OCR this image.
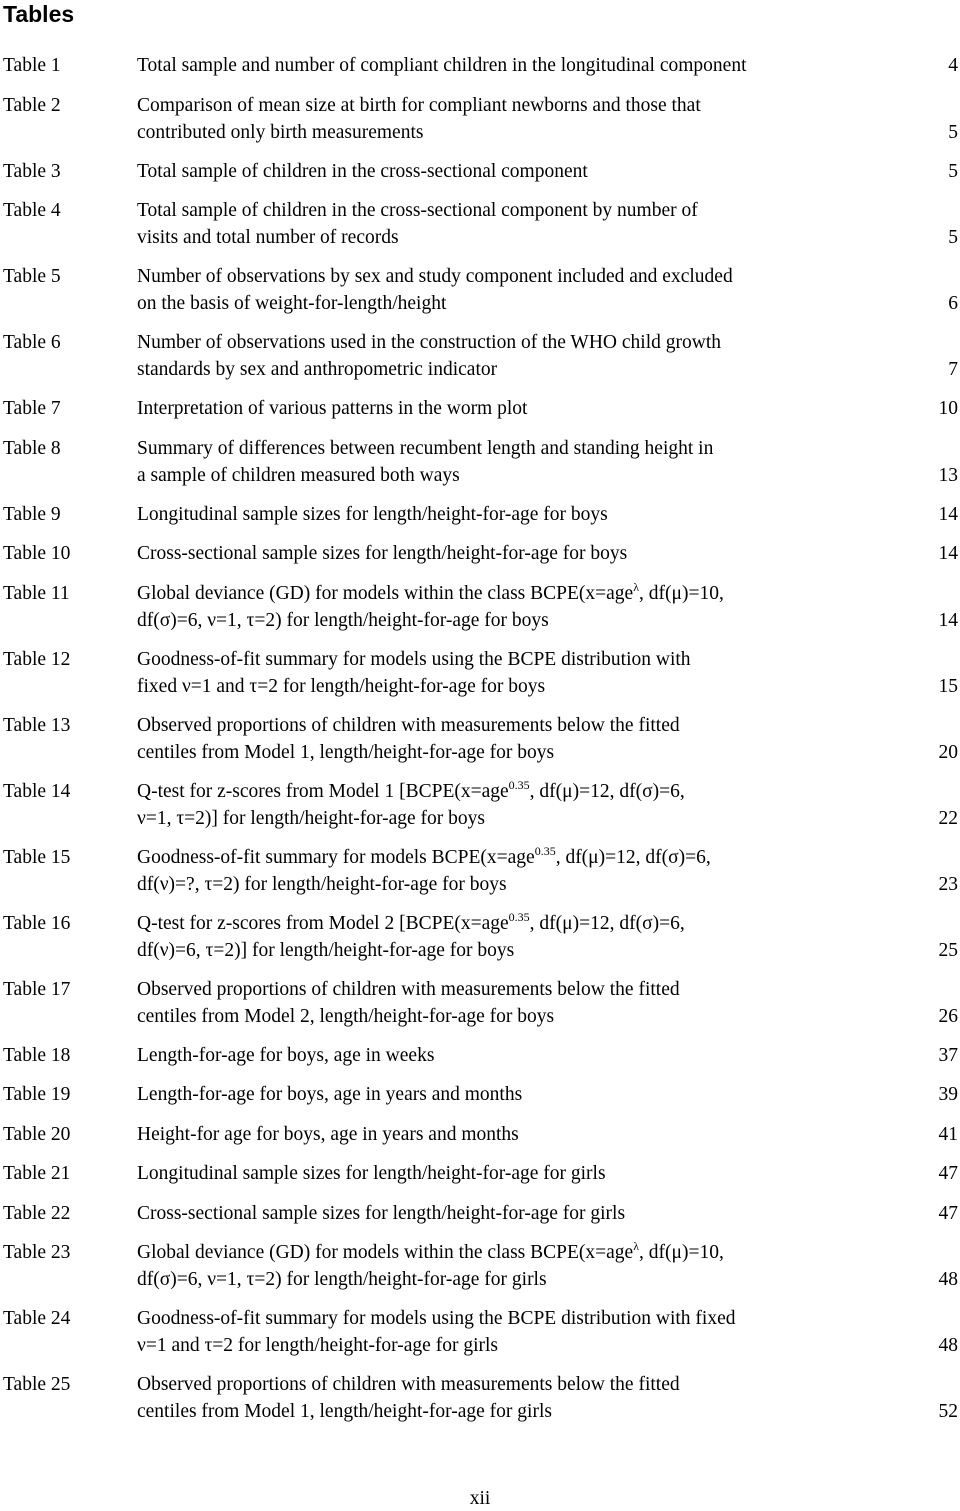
Tables
Table 1	Total sample and number of compliant children in the longitudinal component	4
Table 2	Comparison of mean size at birth for compliant newborns and those that
contributed only birth measurements	5
Table 3	Total sample of children in the cross-sectional component	5
Table 4	Total sample of children in the cross-sectional component by number of
visits and total number of records	5
Table 5	Number of observations by sex and study component included and excluded
on the basis of weight-for-length/height	6
Table 6	Number of observations used in the construction of the WHO child growth
standards by sex and anthropometric indicator	7
Table 7	Interpretation of various patterns in the worm plot	10
Table 8	Summary of differences between recumbent length and standing height in
a sample of children measured both ways	13
Table 9	Longitudinal sample sizes for length/height-for-age for boys	14
Table 10	Cross-sectional sample sizes for length/height-for-age for boys	14
Table 11	Global deviance (GD) for models within the class BCPE(x=age$^\lambda$, df(μ)=10,
df(σ)=6, ν=1, τ=2) for length/height-for-age for boys	14
Table 12	Goodness-of-fit summary for models using the BCPE distribution with
fixed ν=1 and τ=2 for length/height-for-age for boys	15
Table 13	Observed proportions of children with measurements below the fitted
centiles from Model 1, length/height-for-age for boys	20
Table 14	Q-test for z-scores from Model 1 [BCPE(x=age$^{0.35}$, df(μ)=12, df(σ)=6,
ν=1, τ=2)] for length/height-for-age for boys	22
Table 15	Goodness-of-fit summary for models BCPE(x=age$^{0.35}$, df(μ)=12, df(σ)=6,
df(ν)=?, τ=2) for length/height-for-age for boys	23
Table 16	Q-test for z-scores from Model 2 [BCPE(x=age$^{0.35}$, df(μ)=12, df(σ)=6,
df(ν)=6, τ=2)] for length/height-for-age for boys	25
Table 17	Observed proportions of children with measurements below the fitted
centiles from Model 2, length/height-for-age for boys	26
Table 18	Length-for-age for boys, age in weeks	37
Table 19	Length-for-age for boys, age in years and months	39
Table 20	Height-for age for boys, age in years and months	41
Table 21	Longitudinal sample sizes for length/height-for-age for girls	47
Table 22	Cross-sectional sample sizes for length/height-for-age for girls	47
Table 23	Global deviance (GD) for models within the class BCPE(x=age$^\lambda$, df(μ)=10,
df(σ)=6, ν=1, τ=2) for length/height-for-age for girls	48
Table 24	Goodness-of-fit summary for models using the BCPE distribution with fixed
ν=1 and τ=2 for length/height-for-age for girls	48
Table 25	Observed proportions of children with measurements below the fitted
centiles from Model 1, length/height-for-age for girls	52
xii
